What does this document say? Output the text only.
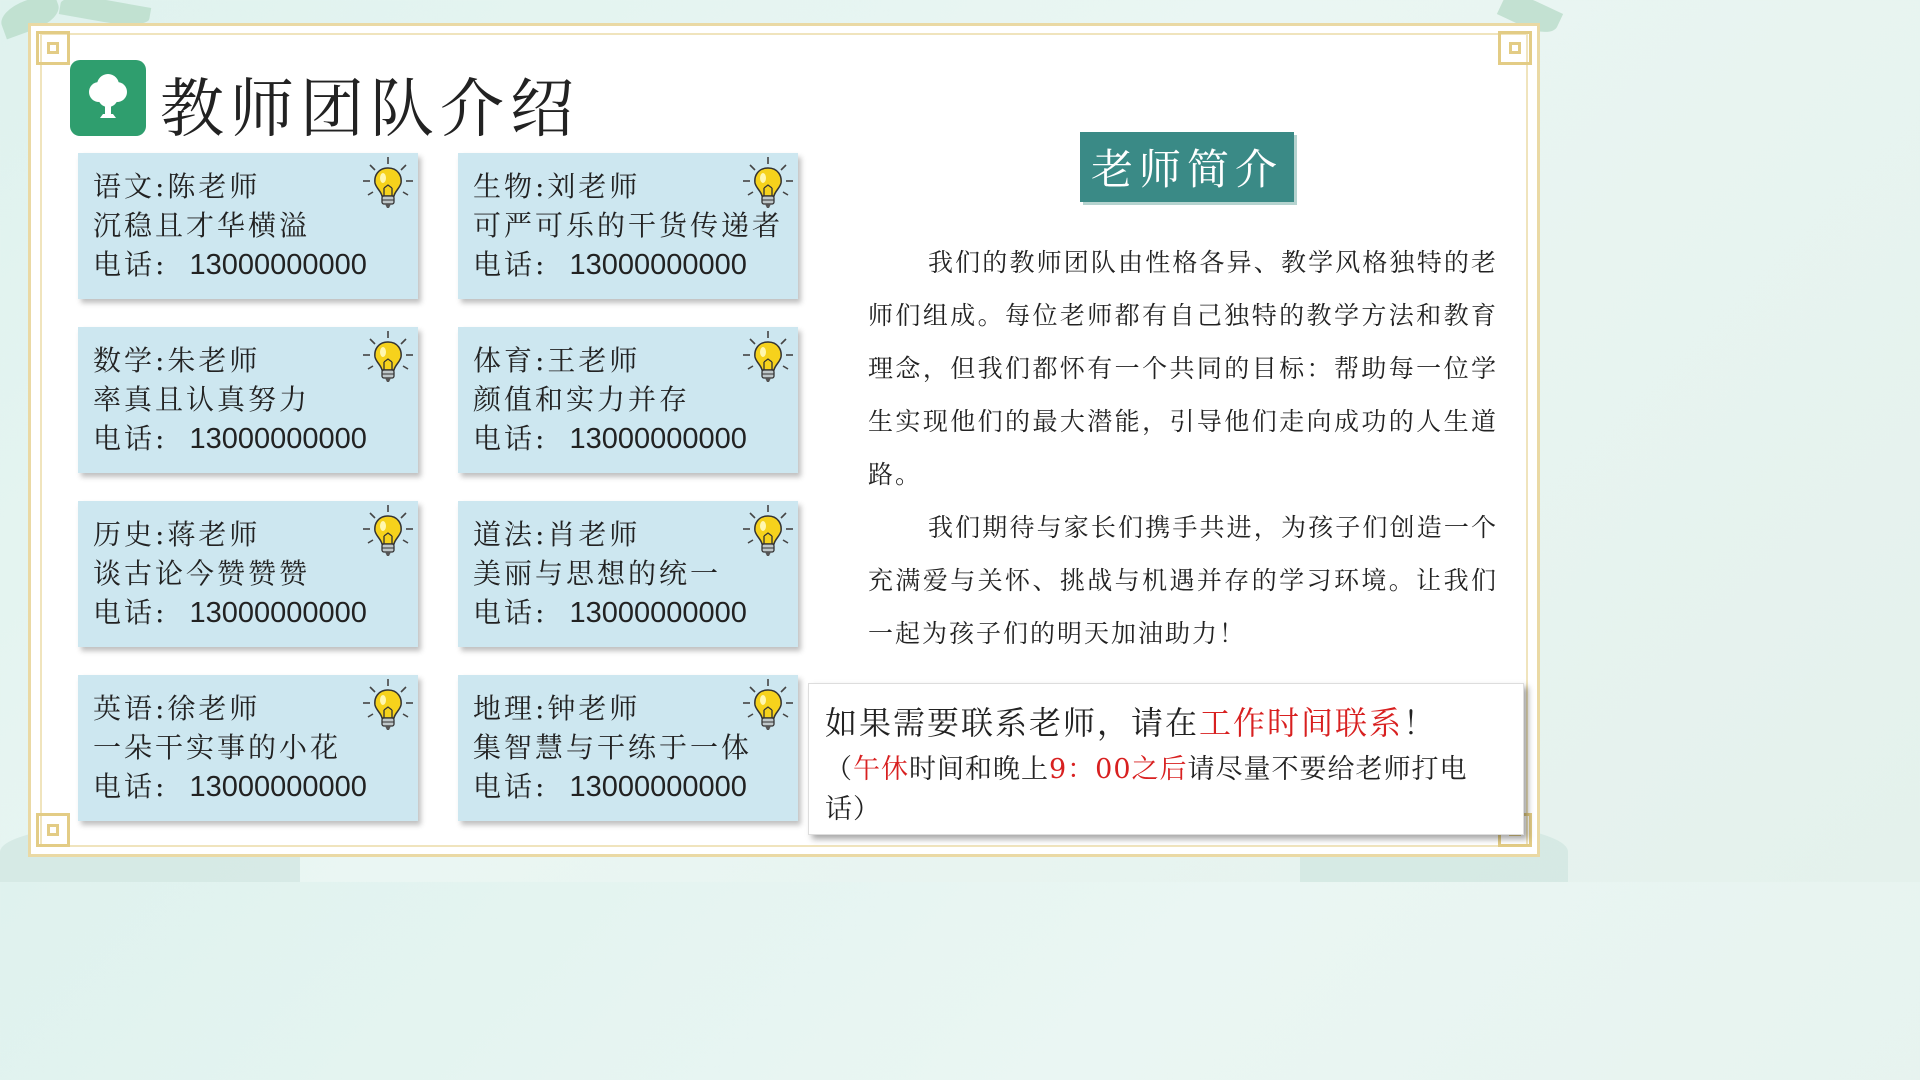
教师团队介绍
语文:陈老师
沉稳且才华横溢
电话: 13000000000
生物:刘老师
可严可乐的干货传递者
电话: 13000000000
数学:朱老师
率真且认真努力
电话: 13000000000
体育:王老师
颜值和实力并存
电话: 13000000000
历史:蒋老师
谈古论今赞赞赞
电话: 13000000000
道法:肖老师
美丽与思想的统一
电话: 13000000000
英语:徐老师
一朵干实事的小花
电话: 13000000000
地理:钟老师
集智慧与干练于一体
电话: 13000000000
老师简介

我们的教师团队由性格各异、教学风格独特的老师们组成。每位老师都有自己独特的教学方法和教育理念，但我们都怀有一个共同的目标：帮助每一位学生实现他们的最大潜能，引导他们走向成功的人生道路。

我们期待与家长们携手共进，为孩子们创造一个充满爱与关怀、挑战与机遇并存的学习环境。让我们一起为孩子们的明天加油助力！

如果需要联系老师，请在工作时间联系！
（午休时间和晚上9：00之后请尽量不要给老师打电话）
